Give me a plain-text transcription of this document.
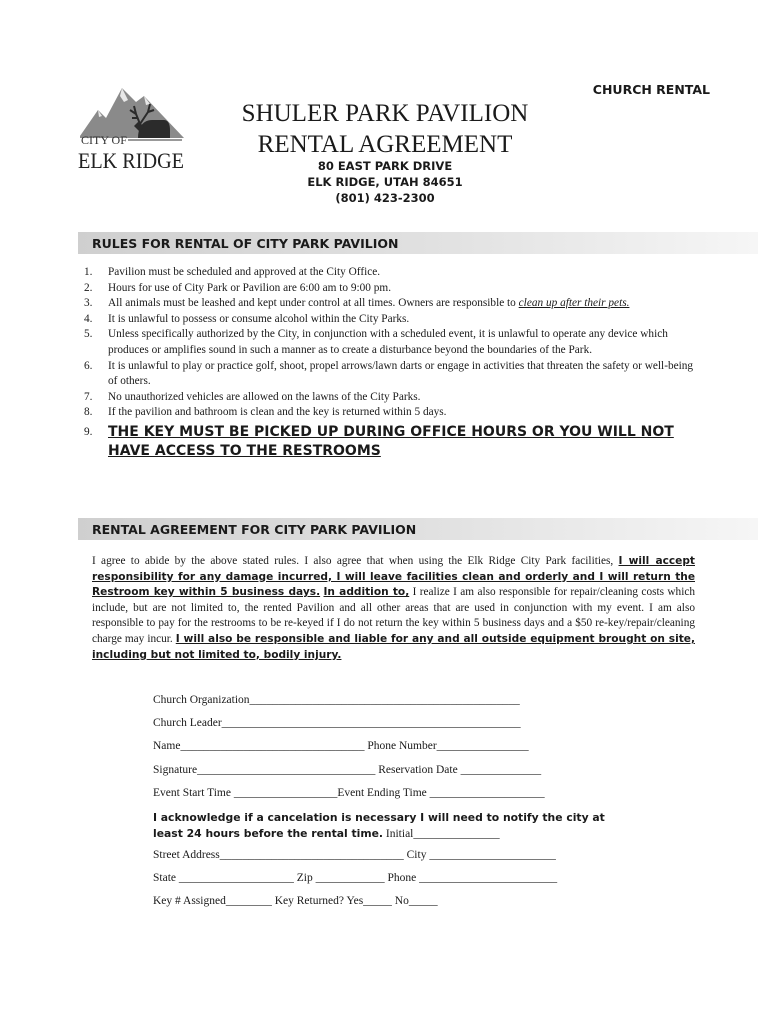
CHURCH RENTAL
CITY OF
ELK RIDGE
SHULER PARK PAVILION
RENTAL AGREEMENT
80 EAST PARK DRIVE
ELK RIDGE, UTAH 84651
(801) 423-2300
RULES FOR RENTAL OF CITY PARK PAVILION
1. Pavilion must be scheduled and approved at the City Office.
2. Hours for use of City Park or Pavilion are 6:00 am to 9:00 pm.
3. All animals must be leashed and kept under control at all times. Owners are responsible to clean up after their pets.
4. It is unlawful to possess or consume alcohol within the City Parks.
5. Unless specifically authorized by the City, in conjunction with a scheduled event, it is unlawful to operate any device which produces or amplifies sound in such a manner as to create a disturbance beyond the boundaries of the Park.
6. It is unlawful to play or practice golf, shoot, propel arrows/lawn darts or engage in activities that threaten the safety or well-being of others.
7. No unauthorized vehicles are allowed on the lawns of the City Parks.
8. If the pavilion and bathroom is clean and the key is returned within 5 days.
9. THE KEY MUST BE PICKED UP DURING OFFICE HOURS OR YOU WILL NOT HAVE ACCESS TO THE RESTROOMS
RENTAL AGREEMENT FOR CITY PARK PAVILION
I agree to abide by the above stated rules. I also agree that when using the Elk Ridge City Park facilities, I will accept responsibility for any damage incurred, I will leave facilities clean and orderly and I will return the Restroom key within 5 business days. In addition to, I realize I am also responsible for repair/cleaning costs which include, but are not limited to, the rented Pavilion and all other areas that are used in conjunction with my event. I am also responsible to pay for the restrooms to be re-keyed if I do not return the key within 5 business days and a $50 re-key/repair/cleaning charge may incur. I will also be responsible and liable for any and all outside equipment brought on site, including but not limited to, bodily injury.
Church Organization_______________________________________________
Church Leader____________________________________________________
Name________________________________ Phone Number________________
Signature_______________________________ Reservation Date ______________
Event Start Time __________________Event Ending Time ____________________
I acknowledge if a cancelation is necessary I will need to notify the city at least 24 hours before the rental time. Initial_______________
Street Address________________________________ City ______________________
State ____________________ Zip ____________ Phone ________________________
Key # Assigned________ Key Returned? Yes_____ No_____
